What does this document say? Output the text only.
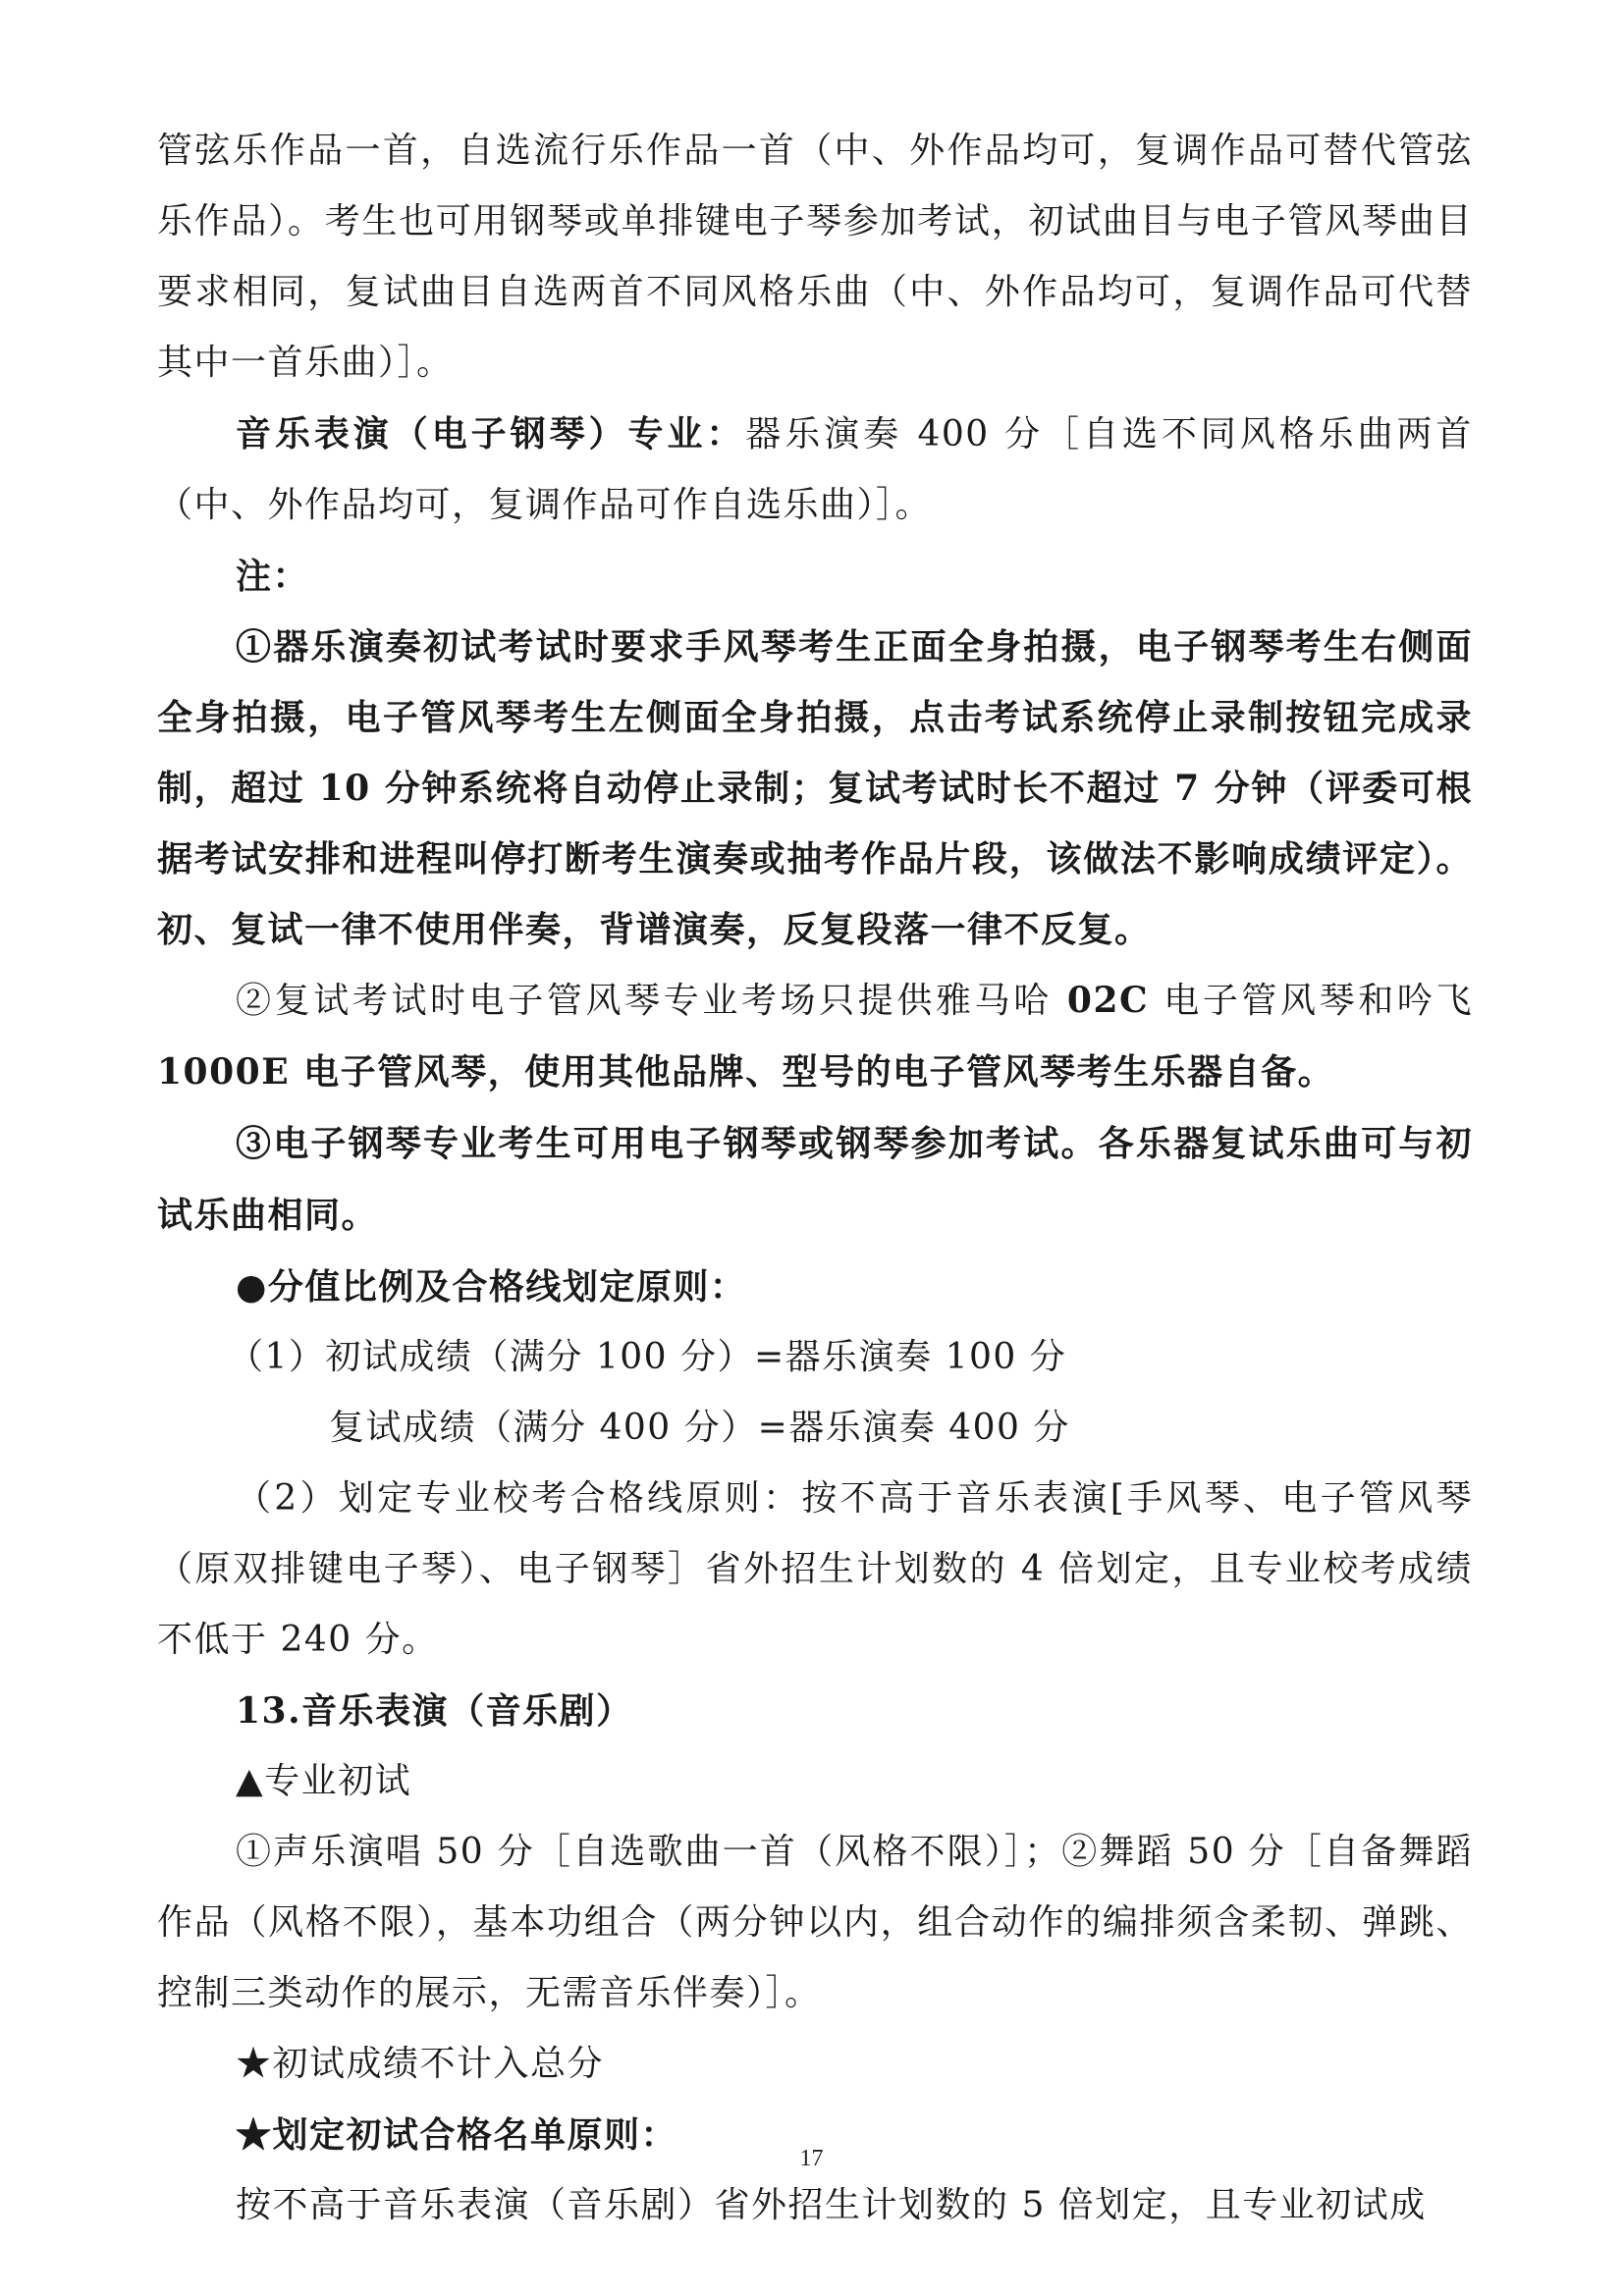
管弦乐作品一首，自选流行乐作品一首（中、外作品均可，复调作品可替代管弦乐作品）。考生也可用钢琴或单排键电子琴参加考试，初试曲目与电子管风琴曲目要求相同，复试曲目自选两首不同风格乐曲（中、外作品均可，复调作品可代替其中一首乐曲）］。

音乐表演（电子钢琴）专业：器乐演奏 400 分［自选不同风格乐曲两首（中、外作品均可，复调作品可作自选乐曲）］。

注：

①器乐演奏初试考试时要求手风琴考生正面全身拍摄，电子钢琴考生右侧面全身拍摄，电子管风琴考生左侧面全身拍摄，点击考试系统停止录制按钮完成录制，超过 10 分钟系统将自动停止录制；复试考试时长不超过 7 分钟（评委可根据考试安排和进程叫停打断考生演奏或抽考作品片段，该做法不影响成绩评定）。初、复试一律不使用伴奏，背谱演奏，反复段落一律不反复。

②复试考试时电子管风琴专业考场只提供雅马哈 02C 电子管风琴和吟飞 1000E 电子管风琴，使用其他品牌、型号的电子管风琴考生乐器自备。

③电子钢琴专业考生可用电子钢琴或钢琴参加考试。各乐器复试乐曲可与初试乐曲相同。

●分值比例及合格线划定原则：

（1）初试成绩（满分 100 分）=器乐演奏 100 分

复试成绩（满分 400 分）=器乐演奏 400 分

（2）划定专业校考合格线原则：按不高于音乐表演[手风琴、电子管风琴（原双排键电子琴）、电子钢琴］省外招生计划数的 4 倍划定，且专业校考成绩不低于 240 分。

13.音乐表演（音乐剧）

▲专业初试

①声乐演唱 50 分［自选歌曲一首（风格不限）］；②舞蹈 50 分［自备舞蹈作品（风格不限），基本功组合（两分钟以内，组合动作的编排须含柔韧、弹跳、控制三类动作的展示，无需音乐伴奏）］。

★初试成绩不计入总分

★划定初试合格名单原则：

按不高于音乐表演（音乐剧）省外招生计划数的 5 倍划定，且专业初试成

17
